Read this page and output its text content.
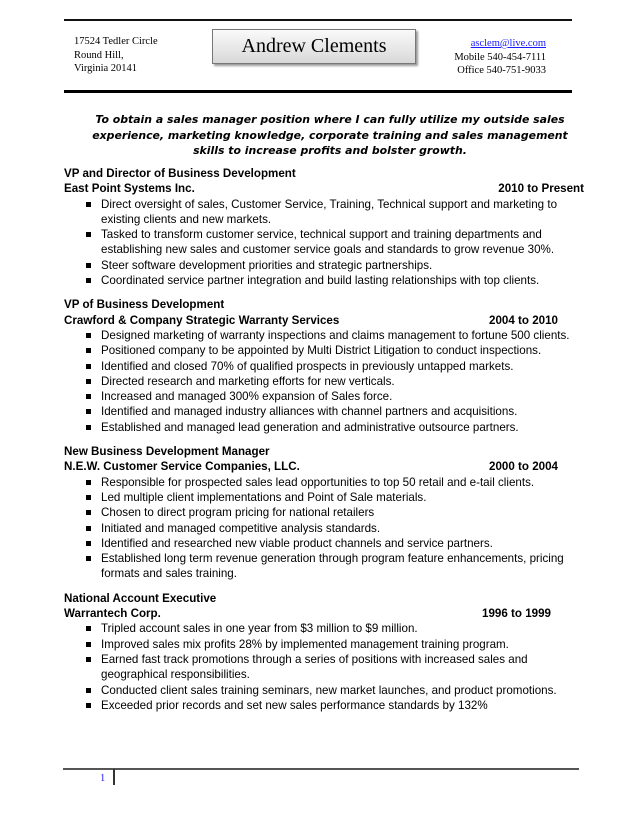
17524 Tedler Circle
Round Hill,
Virginia 20141
Andrew Clements	asclem@live.com
Mobile 540-454-7111
Office 540-751-9033
To obtain a sales manager position where I can fully utilize my outside sales experience, marketing knowledge, corporate training and sales management skills to increase profits and bolster growth.
VP and Director of Business Development
East Point Systems Inc.	2010 to Present
Direct oversight of sales, Customer Service, Training, Technical support and marketing to existing clients and new markets.
Tasked to transform customer service, technical support and training departments and establishing new sales and customer service goals and standards to grow revenue 30%.
Steer software development priorities and strategic partnerships.
Coordinated service partner integration and build lasting relationships with top clients.
VP of Business Development
Crawford & Company Strategic Warranty Services	2004 to 2010
Designed marketing of warranty inspections and claims management to fortune 500 clients.
Positioned company to be appointed by Multi District Litigation to conduct inspections.
Identified and closed 70% of qualified prospects in previously untapped markets.
Directed research and marketing efforts for new verticals.
Increased and managed 300% expansion of Sales force.
Identified and managed industry alliances with channel partners and acquisitions.
Established and managed lead generation and administrative outsource partners.
New Business Development Manager
N.E.W. Customer Service Companies, LLC.	2000 to 2004
Responsible for prospected sales lead opportunities to top 50 retail and e-tail clients.
Led multiple client implementations and Point of Sale materials.
Chosen to direct program pricing for national retailers
Initiated and managed competitive analysis standards.
Identified and researched new viable product channels and service partners.
Established long term revenue generation through program feature enhancements, pricing formats and sales training.
National Account Executive
Warrantech Corp.	1996 to 1999
Tripled account sales in one year from $3 million to $9 million.
Improved sales mix profits 28% by implemented management training program.
Earned fast track promotions through a series of positions with increased sales and geographical responsibilities.
Conducted client sales training seminars, new market launches, and product promotions.
Exceeded prior records and set new sales performance standards by 132%
1
